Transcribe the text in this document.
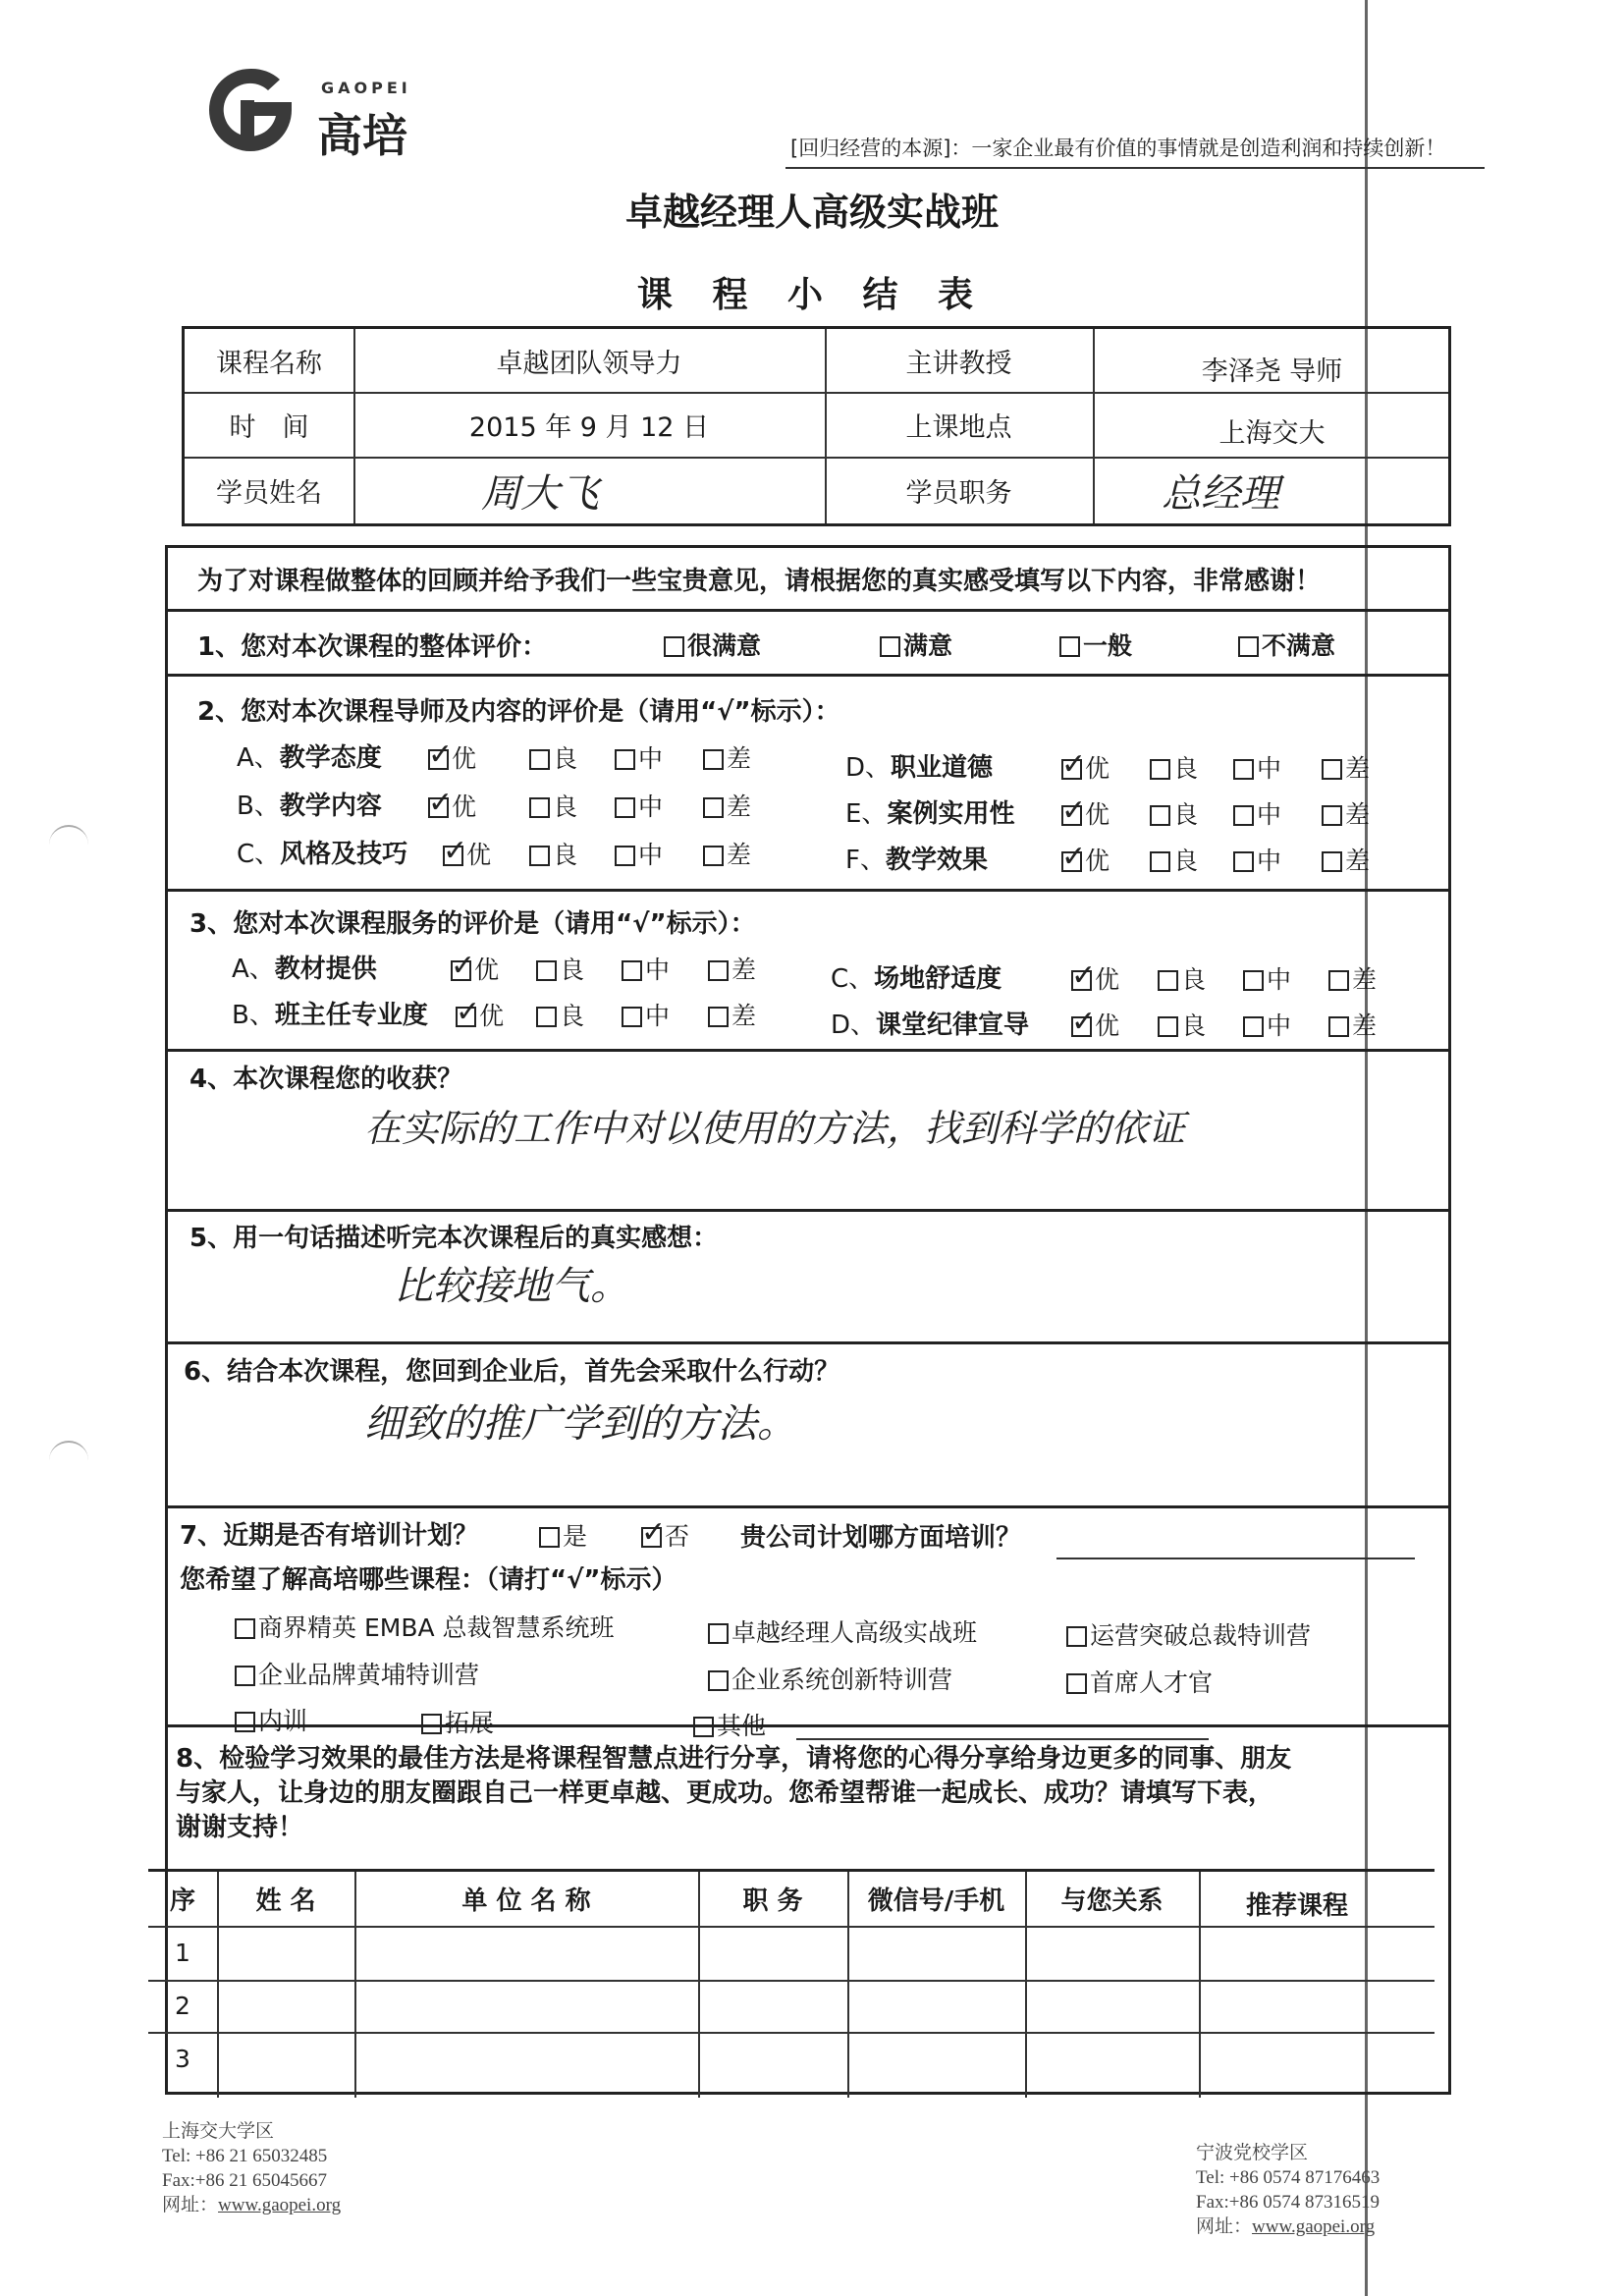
GAOPEI
高培	[回归经营的本源]：一家企业最有价值的事情就是创造利润和持续创新！
卓越经理人高级实战班
课 程 小 结 表
课程名称	卓越团队领导力	主讲教授	李泽尧 导师
时　间	2015 年 9 月 12 日	上课地点	上海交大
学员姓名	周大飞	学员职务	总经理
为了对课程做整体的回顾并给予我们一些宝贵意见，请根据您的真实感受填写以下内容，非常感谢！
1、您对本次课程的整体评价：	很满意	满意	一般	不满意
2、您对本次课程导师及内容的评价是（请用“√”标示）：
A、教学态度
B、教学内容
C、风格及技巧
D、职业道德
E、案例实用性
F、教学效果
✓优	良	中	差
✓优	良	中	差
✓优	良	中	差
✓优	良	中	差
✓优	良	中	差
✓优	良	中	差
3、您对本次课程服务的评价是（请用“√”标示）：
A、教材提供
B、班主任专业度
C、场地舒适度
D、课堂纪律宣导
✓优	良	中	差
✓优	良	中	差
✓优	良	中	差
✓优	良	中	差
4、本次课程您的收获？
在实际的工作中对以使用的方法，找到科学的依证
5、用一句话描述听完本次课程后的真实感想：
比较接地气。
6、结合本次课程，您回到企业后，首先会采取什么行动？
细致的推广学到的方法。
7、近期是否有培训计划？	是
✓	否 贵公司计划哪方面培训？
您希望了解高培哪些课程：（请打“√”标示）
商界精英 EMBA 总裁智慧系统班	卓越经理人高级实战班	运营突破总裁特训营
企业品牌黄埔特训营	企业系统创新特训营	首席人才官
内训	拓展	其他
8、检验学习效果的最佳方法是将课程智慧点进行分享，请将您的心得分享给身边更多的同事、朋友
与家人，让身边的朋友圈跟自己一样更卓越、更成功。您希望帮谁一起成长、成功？请填写下表，
谢谢支持！
序	姓 名	单 位 名 称	职 务	微信号/手机	与您关系	推荐课程
1
2
3
上海交大学区
Tel: +86 21 65032485
Fax:+86 21 65045667
网址：www.gaopei.org
宁波党校学区
Tel: +86 0574 87176463
Fax:+86 0574 87316519
网址：www.gaopei.org
